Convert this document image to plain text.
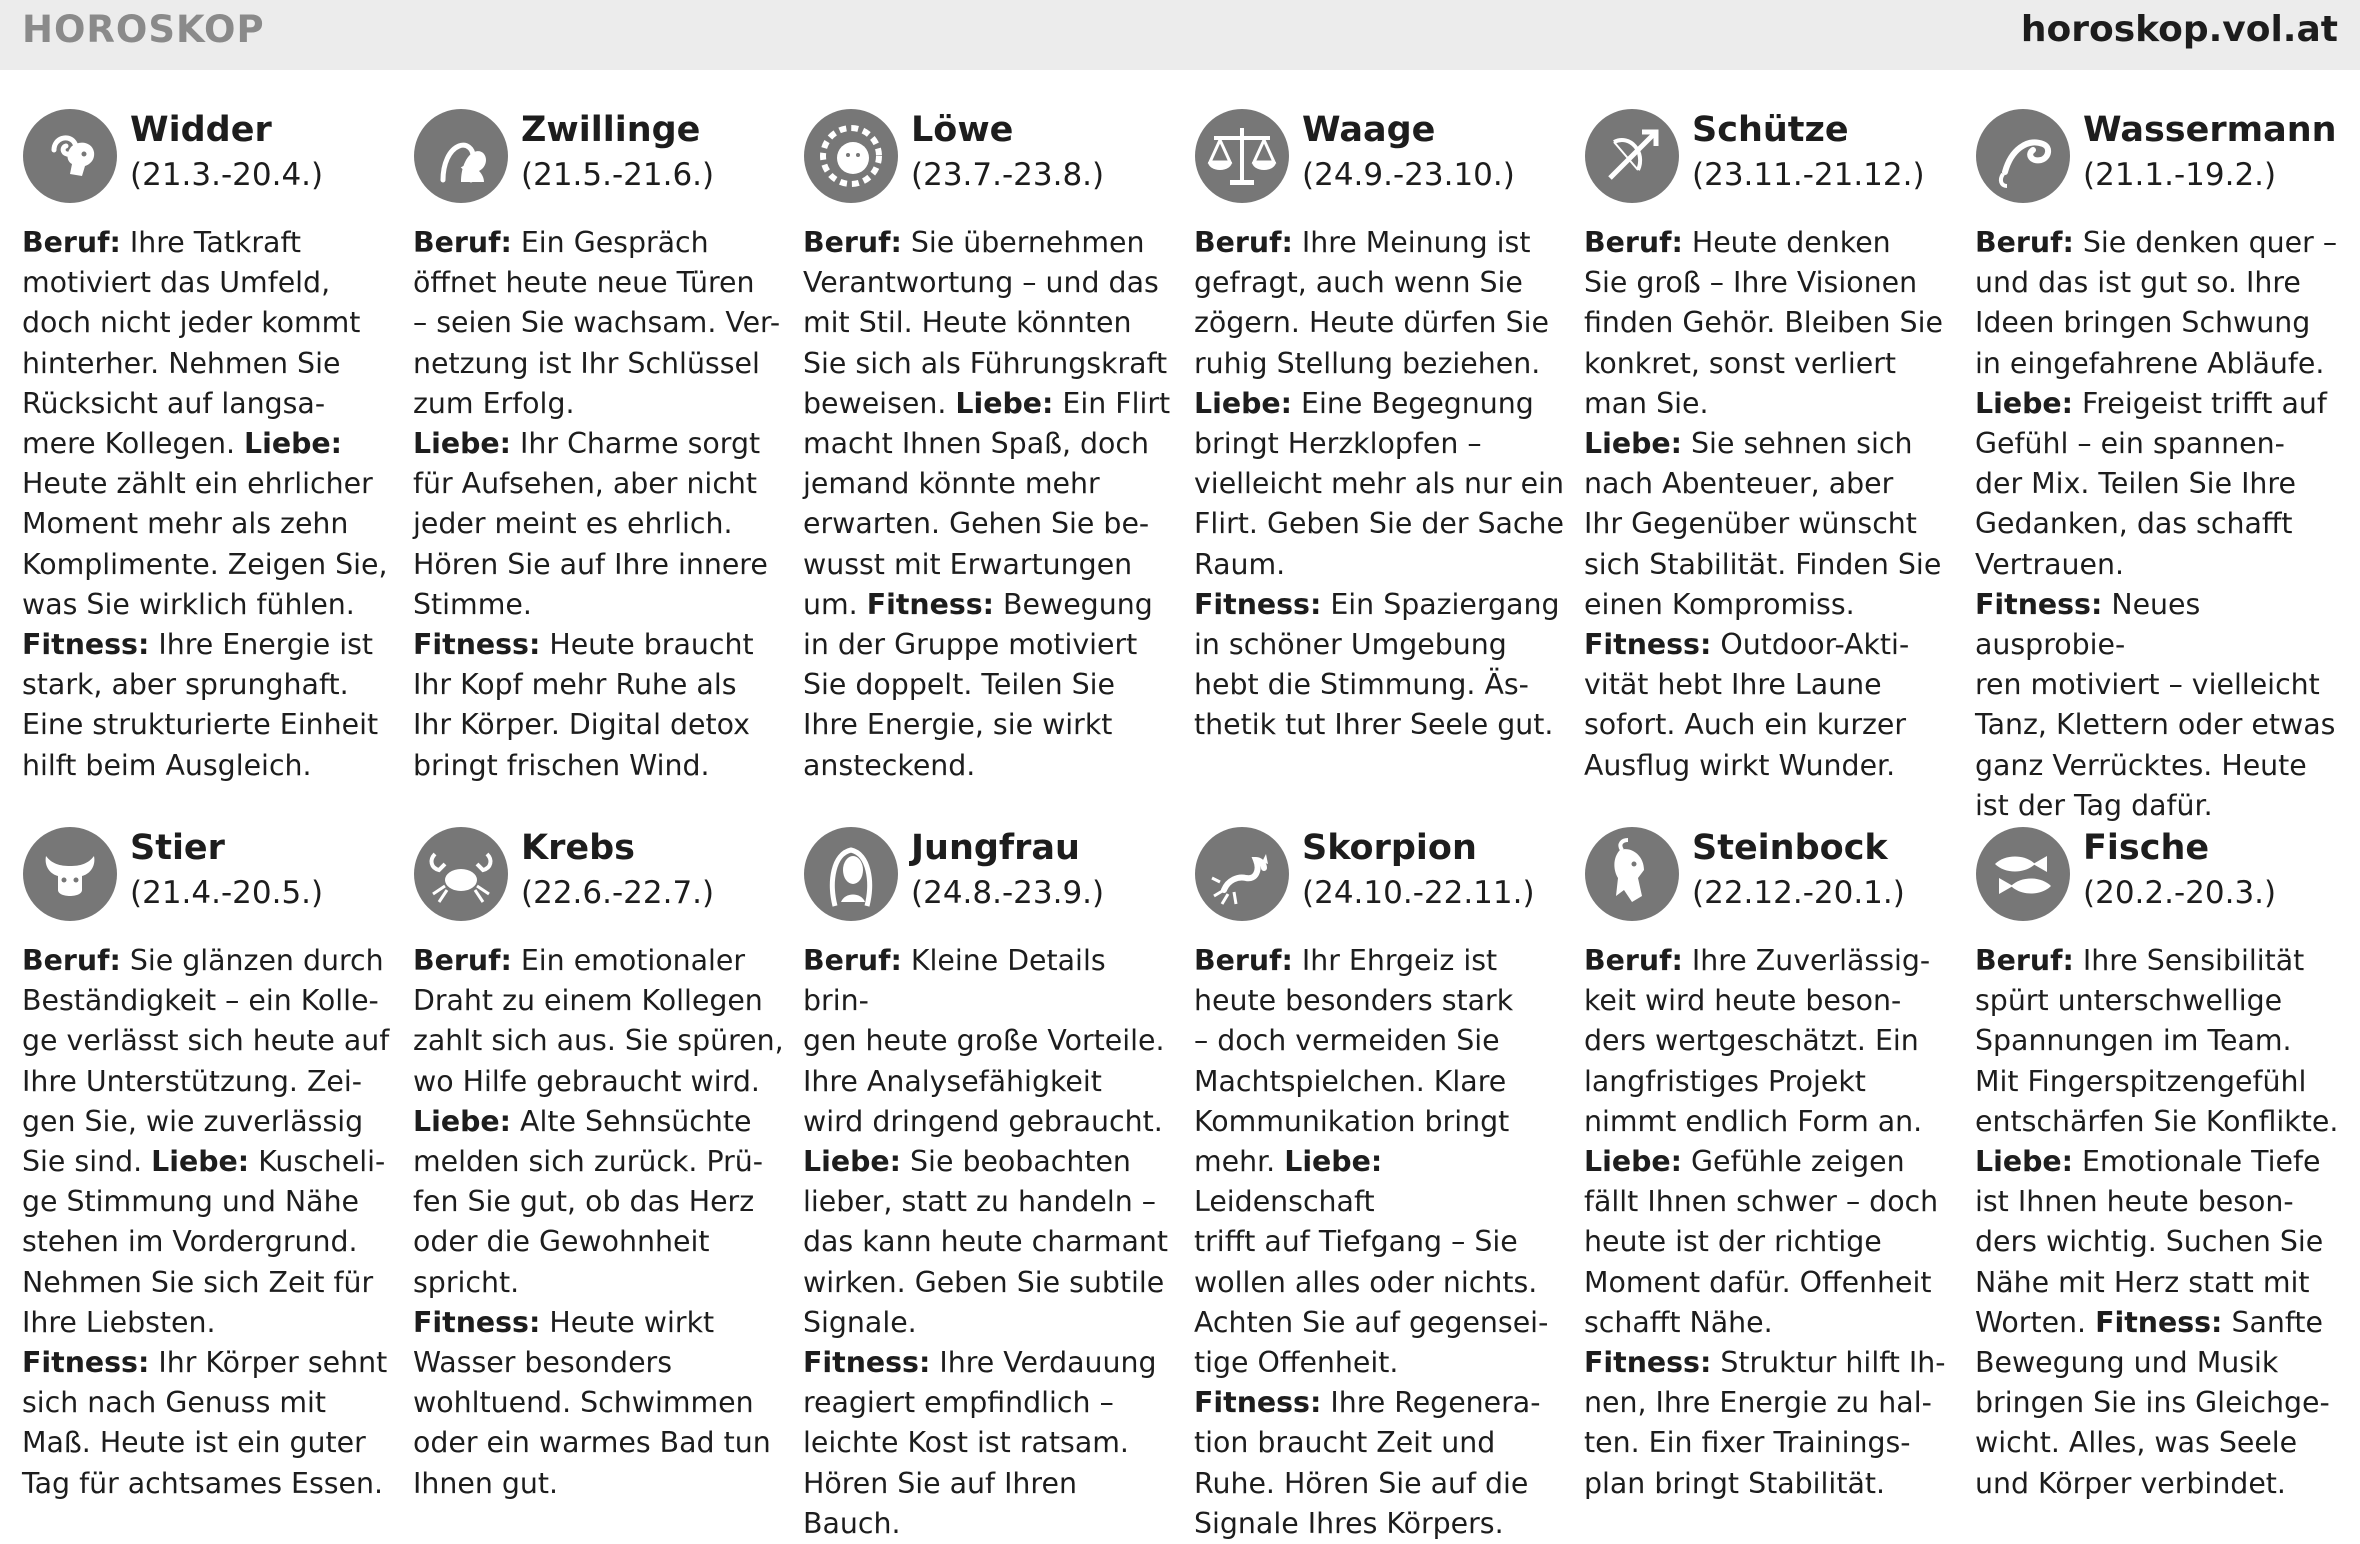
HOROSKOP	horoskop.vol.at
Widder
(21.3.-20.4.)

Beruf: Ihre Tatkraft
motiviert das Umfeld,
doch nicht jeder kommt
hinterher. Nehmen Sie
Rücksicht auf langsa-
mere Kollegen. Liebe:
Heute zählt ein ehrlicher
Moment mehr als zehn
Komplimente. Zeigen Sie,
was Sie wirklich fühlen.
Fitness: Ihre Energie ist
stark, aber sprunghaft.
Eine strukturierte Einheit
hilft beim Ausgleich.

Zwillinge
(21.5.-21.6.)

Beruf: Ein Gespräch
öffnet heute neue Türen
– seien Sie wachsam. Ver-
netzung ist Ihr Schlüssel
zum Erfolg.
Liebe: Ihr Charme sorgt
für Aufsehen, aber nicht
jeder meint es ehrlich.
Hören Sie auf Ihre innere
Stimme.
Fitness: Heute braucht
Ihr Kopf mehr Ruhe als
Ihr Körper. Digital detox
bringt frischen Wind.

Löwe
(23.7.-23.8.)

Beruf: Sie übernehmen
Verantwortung – und das
mit Stil. Heute könnten
Sie sich als Führungskraft
beweisen. Liebe: Ein Flirt
macht Ihnen Spaß, doch
jemand könnte mehr
erwarten. Gehen Sie be-
wusst mit Erwartungen
um. Fitness: Bewegung
in der Gruppe motiviert
Sie doppelt. Teilen Sie
Ihre Energie, sie wirkt
ansteckend.

Waage
(24.9.-23.10.)

Beruf: Ihre Meinung ist
gefragt, auch wenn Sie
zögern. Heute dürfen Sie
ruhig Stellung beziehen.
Liebe: Eine Begegnung
bringt Herzklopfen –
vielleicht mehr als nur ein
Flirt. Geben Sie der Sache
Raum.
Fitness: Ein Spaziergang
in schöner Umgebung
hebt die Stimmung. Äs-
thetik tut Ihrer Seele gut.

Schütze
(23.11.-21.12.)

Beruf: Heute denken
Sie groß – Ihre Visionen
finden Gehör. Bleiben Sie
konkret, sonst verliert
man Sie.
Liebe: Sie sehnen sich
nach Abenteuer, aber
Ihr Gegenüber wünscht
sich Stabilität. Finden Sie
einen Kompromiss.
Fitness: Outdoor-Akti-
vität hebt Ihre Laune
sofort. Auch ein kurzer
Ausflug wirkt Wunder.

Wassermann
(21.1.-19.2.)

Beruf: Sie denken quer –
und das ist gut so. Ihre
Ideen bringen Schwung
in eingefahrene Abläufe.
Liebe: Freigeist trifft auf
Gefühl – ein spannen-
der Mix. Teilen Sie Ihre
Gedanken, das schafft
Vertrauen.
Fitness: Neues ausprobie-
ren motiviert – vielleicht
Tanz, Klettern oder etwas
ganz Verrücktes. Heute
ist der Tag dafür.

Stier
(21.4.-20.5.)

Beruf: Sie glänzen durch
Beständigkeit – ein Kolle-
ge verlässt sich heute auf
Ihre Unterstützung. Zei-
gen Sie, wie zuverlässig
Sie sind. Liebe: Kuscheli-
ge Stimmung und Nähe
stehen im Vordergrund.
Nehmen Sie sich Zeit für
Ihre Liebsten.
Fitness: Ihr Körper sehnt
sich nach Genuss mit
Maß. Heute ist ein guter
Tag für achtsames Essen.

Krebs
(22.6.-22.7.)

Beruf: Ein emotionaler
Draht zu einem Kollegen
zahlt sich aus. Sie spüren,
wo Hilfe gebraucht wird.
Liebe: Alte Sehnsüchte
melden sich zurück. Prü-
fen Sie gut, ob das Herz
oder die Gewohnheit
spricht.
Fitness: Heute wirkt
Wasser besonders
wohltuend. Schwimmen
oder ein warmes Bad tun
Ihnen gut.

Jungfrau
(24.8.-23.9.)

Beruf: Kleine Details brin-
gen heute große Vorteile.
Ihre Analysefähigkeit
wird dringend gebraucht.
Liebe: Sie beobachten
lieber, statt zu handeln –
das kann heute charmant
wirken. Geben Sie subtile
Signale.
Fitness: Ihre Verdauung
reagiert empfindlich –
leichte Kost ist ratsam.
Hören Sie auf Ihren
Bauch.

Skorpion
(24.10.-22.11.)

Beruf: Ihr Ehrgeiz ist
heute besonders stark
– doch vermeiden Sie
Machtspielchen. Klare
Kommunikation bringt
mehr. Liebe: Leidenschaft
trifft auf Tiefgang – Sie
wollen alles oder nichts.
Achten Sie auf gegensei-
tige Offenheit.
Fitness: Ihre Regenera-
tion braucht Zeit und
Ruhe. Hören Sie auf die
Signale Ihres Körpers.

Steinbock
(22.12.-20.1.)

Beruf: Ihre Zuverlässig-
keit wird heute beson-
ders wertgeschätzt. Ein
langfristiges Projekt
nimmt endlich Form an.
Liebe: Gefühle zeigen
fällt Ihnen schwer – doch
heute ist der richtige
Moment dafür. Offenheit
schafft Nähe.
Fitness: Struktur hilft Ih-
nen, Ihre Energie zu hal-
ten. Ein fixer Trainings-
plan bringt Stabilität.

Fische
(20.2.-20.3.)

Beruf: Ihre Sensibilität
spürt unterschwellige
Spannungen im Team.
Mit Fingerspitzengefühl
entschärfen Sie Konflikte.
Liebe: Emotionale Tiefe
ist Ihnen heute beson-
ders wichtig. Suchen Sie
Nähe mit Herz statt mit
Worten. Fitness: Sanfte
Bewegung und Musik
bringen Sie ins Gleichge-
wicht. Alles, was Seele
und Körper verbindet.
